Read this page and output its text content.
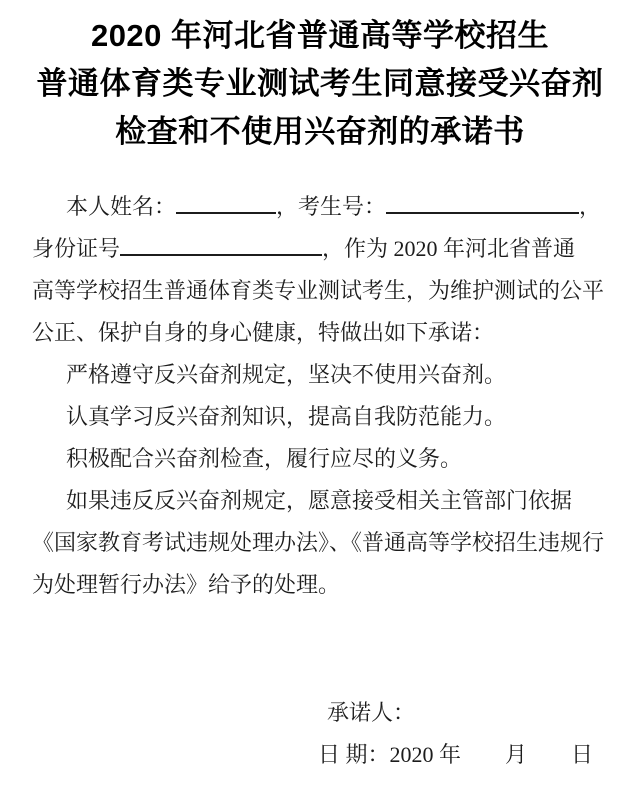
2020 年河北省普通高等学校招生
普通体育类专业测试考生同意接受兴奋剂
检查和不使用兴奋剂的承诺书
本人姓名：	，考生号：	，
身份证号	，作为 2020 年河北省普通
高等学校招生普通体育类专业测试考生，为维护测试的公平
公正、保护自身的身心健康，特做出如下承诺：
严格遵守反兴奋剂规定，坚决不使用兴奋剂。
认真学习反兴奋剂知识，提高自我防范能力。
积极配合兴奋剂检查，履行应尽的义务。
如果违反反兴奋剂规定，愿意接受相关主管部门依据
《国家教育考试违规处理办法》、《普通高等学校招生违规行
为处理暂行办法》给予的处理。
承诺人：
日 期：2020 年　　月　　日
